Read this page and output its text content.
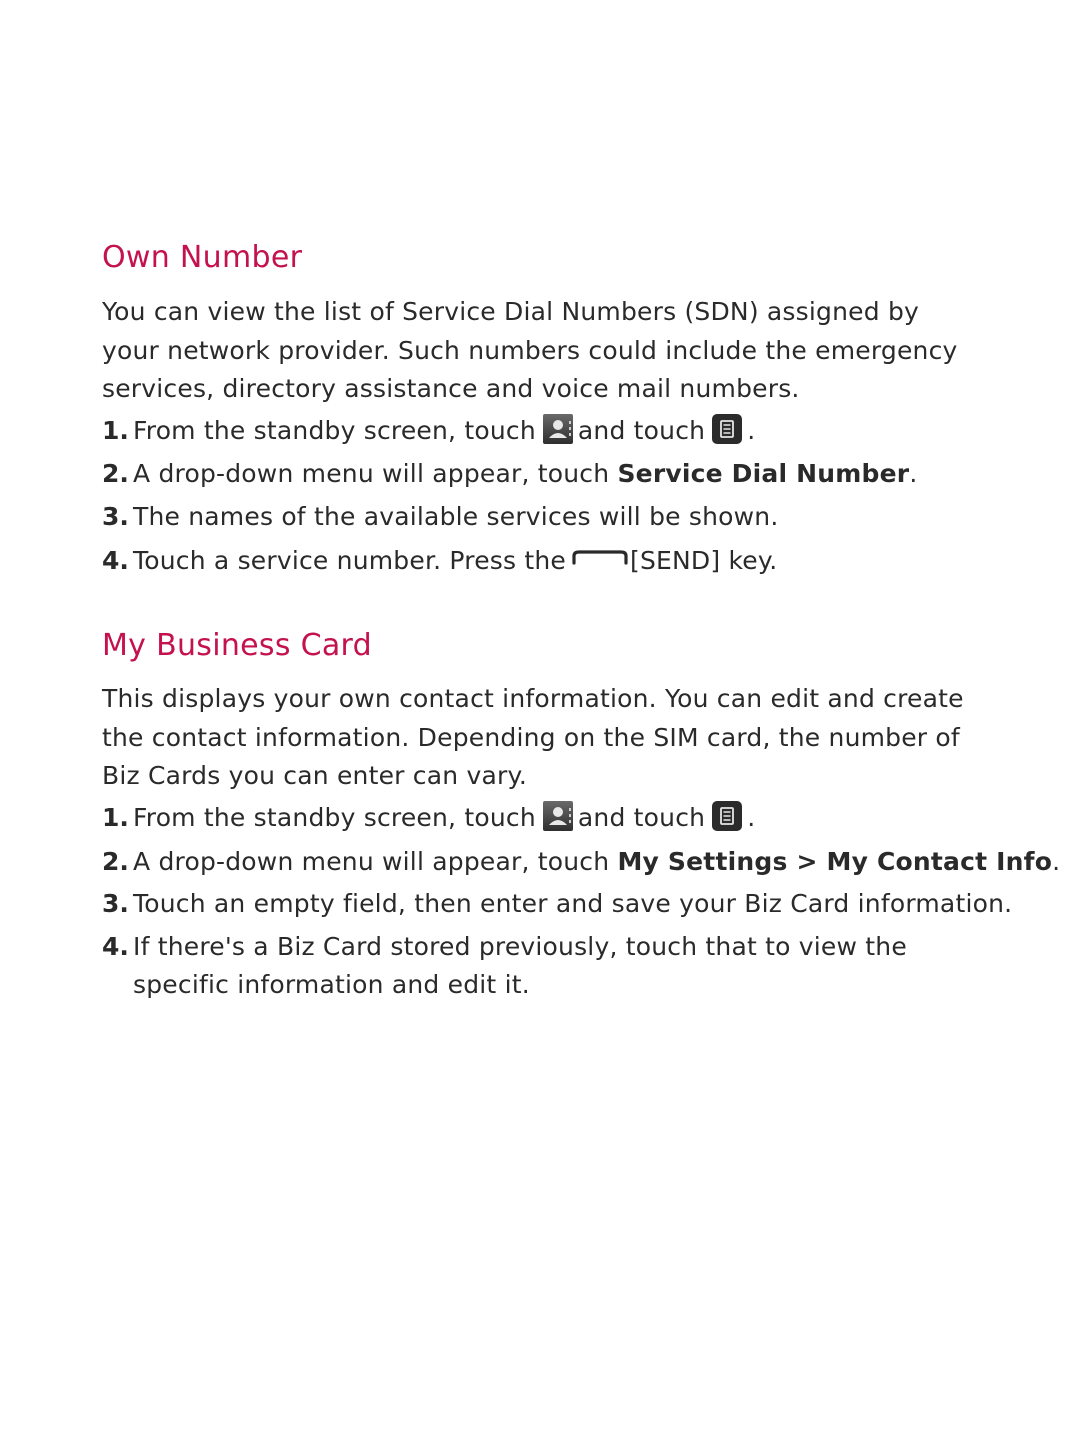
Own Number
You can view the list of Service Dial Numbers (SDN) assigned by your network provider. Such numbers could include the emergency services, directory assistance and voice mail numbers.
1. From the standby screen, touch and touch .
2. A drop-down menu will appear, touch Service Dial Number.
3. The names of the available services will be shown.
4. Touch a service number. Press the	[SEND] key.
My Business Card
This displays your own contact information. You can edit and create the contact information. Depending on the SIM card, the number of Biz Cards you can enter can vary.
1. From the standby screen, touch and touch .
2. A drop-down menu will appear, touch My Settings > My Contact Info.
3. Touch an empty field, then enter and save your Biz Card information.
4. If there's a Biz Card stored previously, touch that to view the specific information and edit it.
